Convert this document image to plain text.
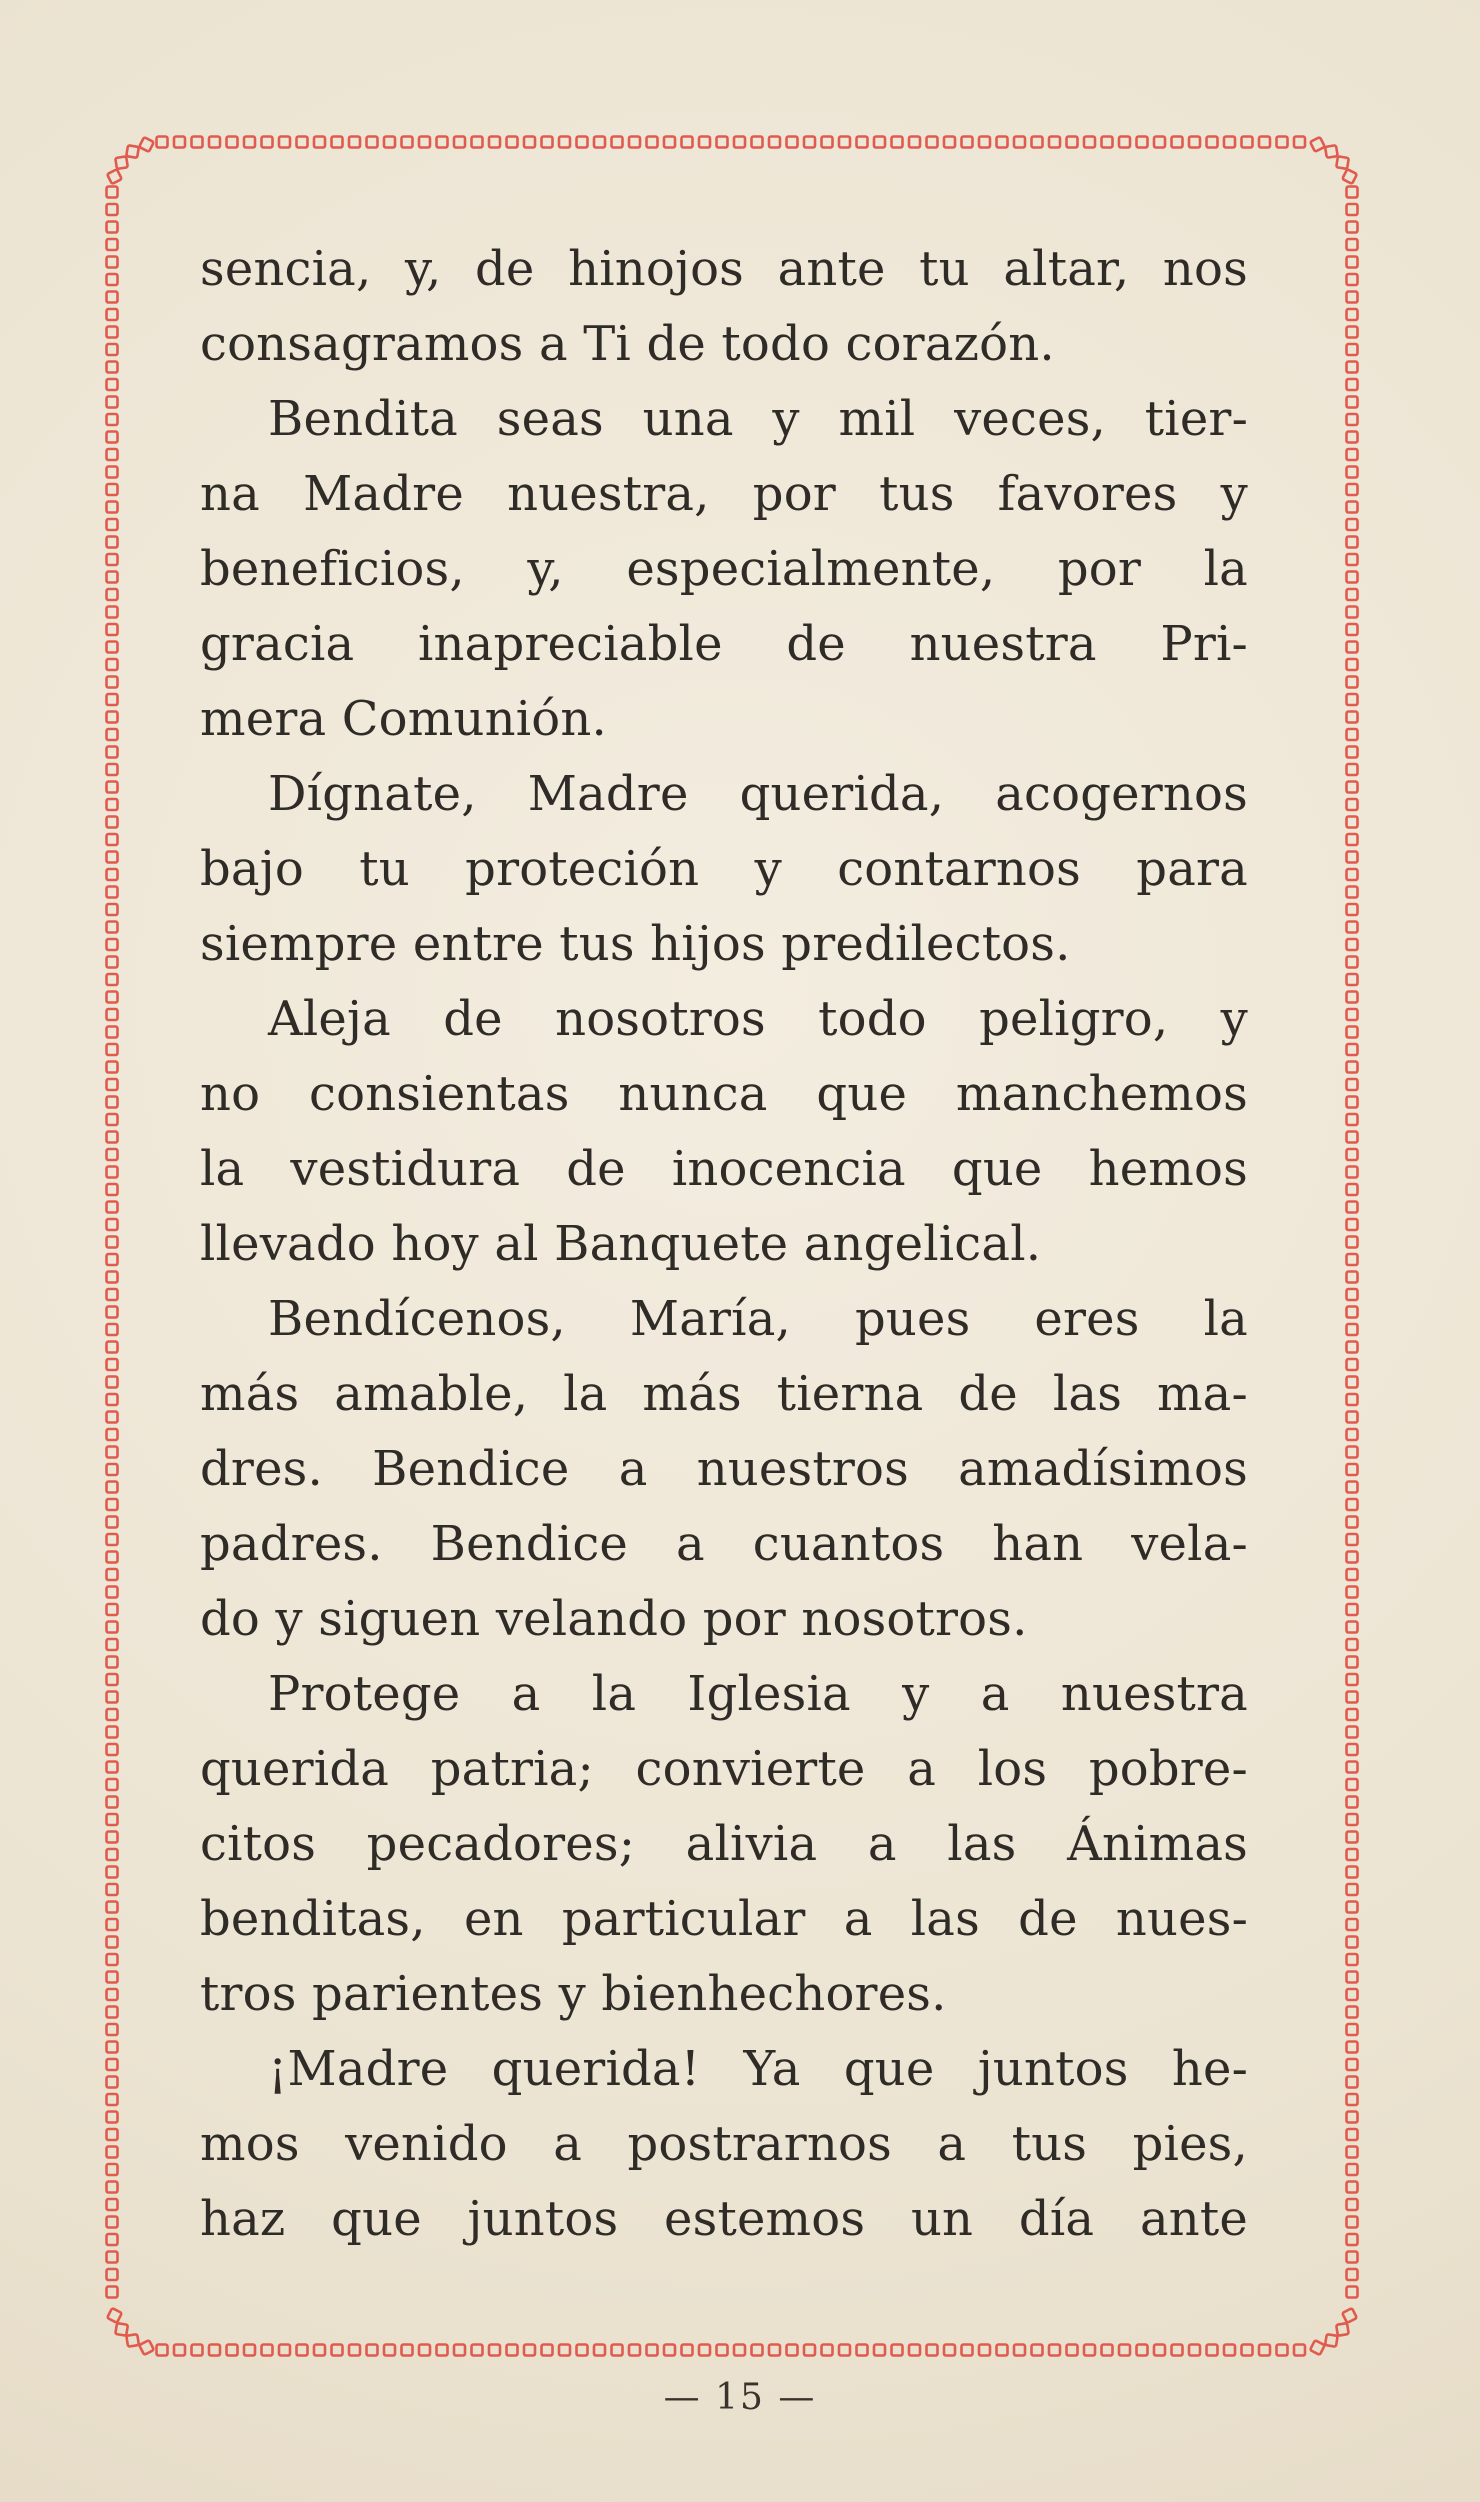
sencia, y, de hinojos ante tu altar, nos
consagramos a Ti de todo corazón.
Bendita seas una y mil veces, tier-
na Madre nuestra, por tus favores y
beneficios, y, especialmente, por la
gracia inapreciable de nuestra Pri-
mera Comunión.
Dígnate, Madre querida, acogernos
bajo tu proteción y contarnos para
siempre entre tus hijos predilectos.
Aleja de nosotros todo peligro, y
no consientas nunca que manchemos
la vestidura de inocencia que hemos
llevado hoy al Banquete angelical.
Bendícenos, María, pues eres la
más amable, la más tierna de las ma-
dres. Bendice a nuestros amadísimos
padres. Bendice a cuantos han vela-
do y siguen velando por nosotros.
Protege a la Iglesia y a nuestra
querida patria; convierte a los pobre-
citos pecadores; alivia a las Ánimas
benditas, en particular a las de nues-
tros parientes y bienhechores.
¡Madre querida! Ya que juntos he-
mos venido a postrarnos a tus pies,
haz que juntos estemos un día ante
— 15 —
